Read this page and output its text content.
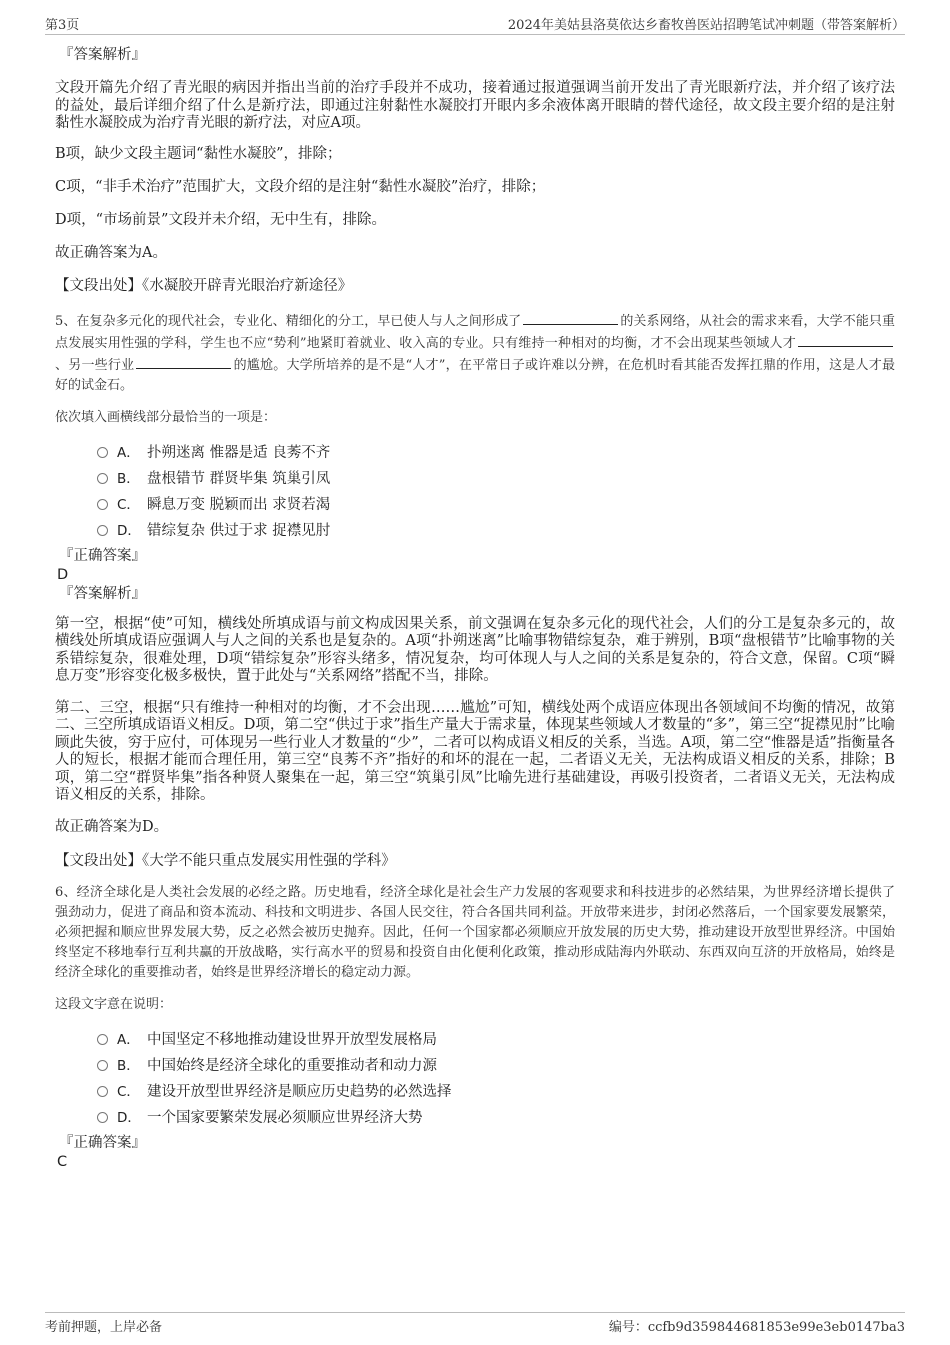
第3页	2024年美姑县洛莫依达乡畜牧兽医站招聘笔试冲刺题（带答案解析）
『答案解析』

文段开篇先介绍了青光眼的病因并指出当前的治疗手段并不成功，接着通过报道强调当前开发出了青光眼新疗法，并介绍了该疗法的益处，最后详细介绍了什么是新疗法，即通过注射黏性水凝胶打开眼内多余液体离开眼睛的替代途径，故文段主要介绍的是注射黏性水凝胶成为治疗青光眼的新疗法，对应A项。

B项，缺少文段主题词“黏性水凝胶”，排除；

C项，“非手术治疗”范围扩大，文段介绍的是注射“黏性水凝胶”治疗，排除；

D项，“市场前景”文段并未介绍，无中生有，排除。

故正确答案为A。

【文段出处】《水凝胶开辟青光眼治疗新途径》

5、在复杂多元化的现代社会，专业化、精细化的分工，早已使人与人之间形成了	的关系网络，从社会的需求来看，大学不能只重点发展实用性强的学科，学生也不应“势利”地紧盯着就业、收入高的专业。只有维持一种相对的均衡，才不会出现某些领域人才、另一些行业	的尴尬。大学所培养的是不是“人才”，在平常日子或许难以分辨，在危机时看其能否发挥扛鼎的作用，这是人才最好的试金石。

依次填入画横线部分最恰当的一项是：

A． 扑朔迷离 惟器是适 良莠不齐
B． 盘根错节 群贤毕集 筑巢引凤
C． 瞬息万变 脱颖而出 求贤若渴
D． 错综复杂 供过于求 捉襟见肘
『正确答案』
D
『答案解析』

第一空，根据“使”可知，横线处所填成语与前文构成因果关系，前文强调在复杂多元化的现代社会，人们的分工是复杂多元的，故横线处所填成语应强调人与人之间的关系也是复杂的。A项“扑朔迷离”比喻事物错综复杂，难于辨别，B项“盘根错节”比喻事物的关系错综复杂，很难处理，D项“错综复杂”形容头绪多，情况复杂，均可体现人与人之间的关系是复杂的，符合文意，保留。C项“瞬息万变”形容变化极多极快，置于此处与“关系网络”搭配不当，排除。

第二、三空，根据“只有维持一种相对的均衡，才不会出现……尴尬”可知，横线处两个成语应体现出各领域间不均衡的情况，故第二、三空所填成语语义相反。D项，第二空“供过于求”指生产量大于需求量，体现某些领域人才数量的“多”，第三空“捉襟见肘”比喻顾此失彼，穷于应付，可体现另一些行业人才数量的“少”，二者可以构成语义相反的关系，当选。A项，第二空“惟器是适”指衡量各人的短长，根据才能而合理任用，第三空“良莠不齐”指好的和坏的混在一起，二者语义无关，无法构成语义相反的关系，排除；B项，第二空“群贤毕集”指各种贤人聚集在一起，第三空“筑巢引凤”比喻先进行基础建设，再吸引投资者，二者语义无关，无法构成语义相反的关系，排除。

故正确答案为D。

【文段出处】《大学不能只重点发展实用性强的学科》

6、经济全球化是人类社会发展的必经之路。历史地看，经济全球化是社会生产力发展的客观要求和科技进步的必然结果，为世界经济增长提供了强劲动力，促进了商品和资本流动、科技和文明进步、各国人民交往，符合各国共同利益。开放带来进步，封闭必然落后，一个国家要发展繁荣，必须把握和顺应世界发展大势，反之必然会被历史抛弃。因此，任何一个国家都必须顺应开放发展的历史大势，推动建设开放型世界经济。中国始终坚定不移地奉行互利共赢的开放战略，实行高水平的贸易和投资自由化便利化政策，推动形成陆海内外联动、东西双向互济的开放格局，始终是经济全球化的重要推动者，始终是世界经济增长的稳定动力源。

这段文字意在说明：

A． 中国坚定不移地推动建设世界开放型发展格局
B． 中国始终是经济全球化的重要推动者和动力源
C． 建设开放型世界经济是顺应历史趋势的必然选择
D． 一个国家要繁荣发展必须顺应世界经济大势
『正确答案』
C
考前押题，上岸必备	编号：ccfb9d359844681853e99e3eb0147ba3
